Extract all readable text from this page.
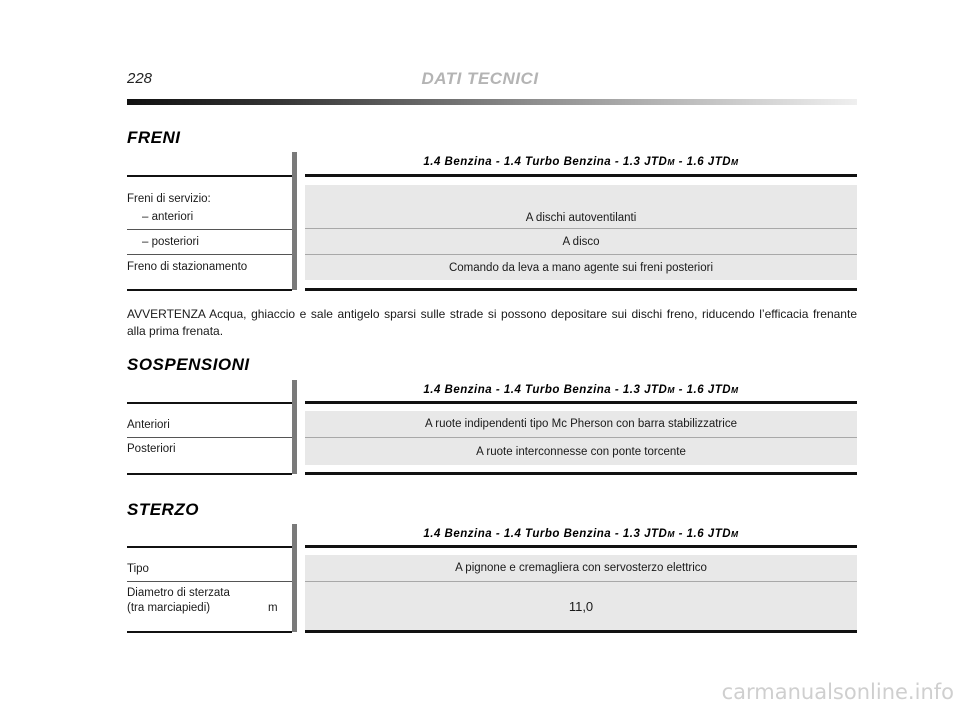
228	DATI TECNICI
FRENI
1.4 Benzina - 1.4 Turbo Benzina - 1.3 JTDM - 1.6 JTDM
A dischi autoventilanti
A disco
Comando da leva a mano agente sui freni posteriori
Freni di servizio:
– anteriori
– posteriori
Freno di stazionamento
AVVERTENZA Acqua, ghiaccio e sale antigelo sparsi sulle strade si possono depositare sui dischi freno, riducendo l’efficacia frenante alla prima frenata.
SOSPENSIONI
1.4 Benzina - 1.4 Turbo Benzina - 1.3 JTDM - 1.6 JTDM
A ruote indipendenti tipo Mc Pherson con barra stabilizzatrice
A ruote interconnesse con ponte torcente
Anteriori
Posteriori
STERZO
1.4 Benzina - 1.4 Turbo Benzina - 1.3 JTDM - 1.6 JTDM
A pignone e cremagliera con servosterzo elettrico
11,0
Tipo
Diametro di sterzata
(tra marciapiedi)	m
carmanualsonline.info
